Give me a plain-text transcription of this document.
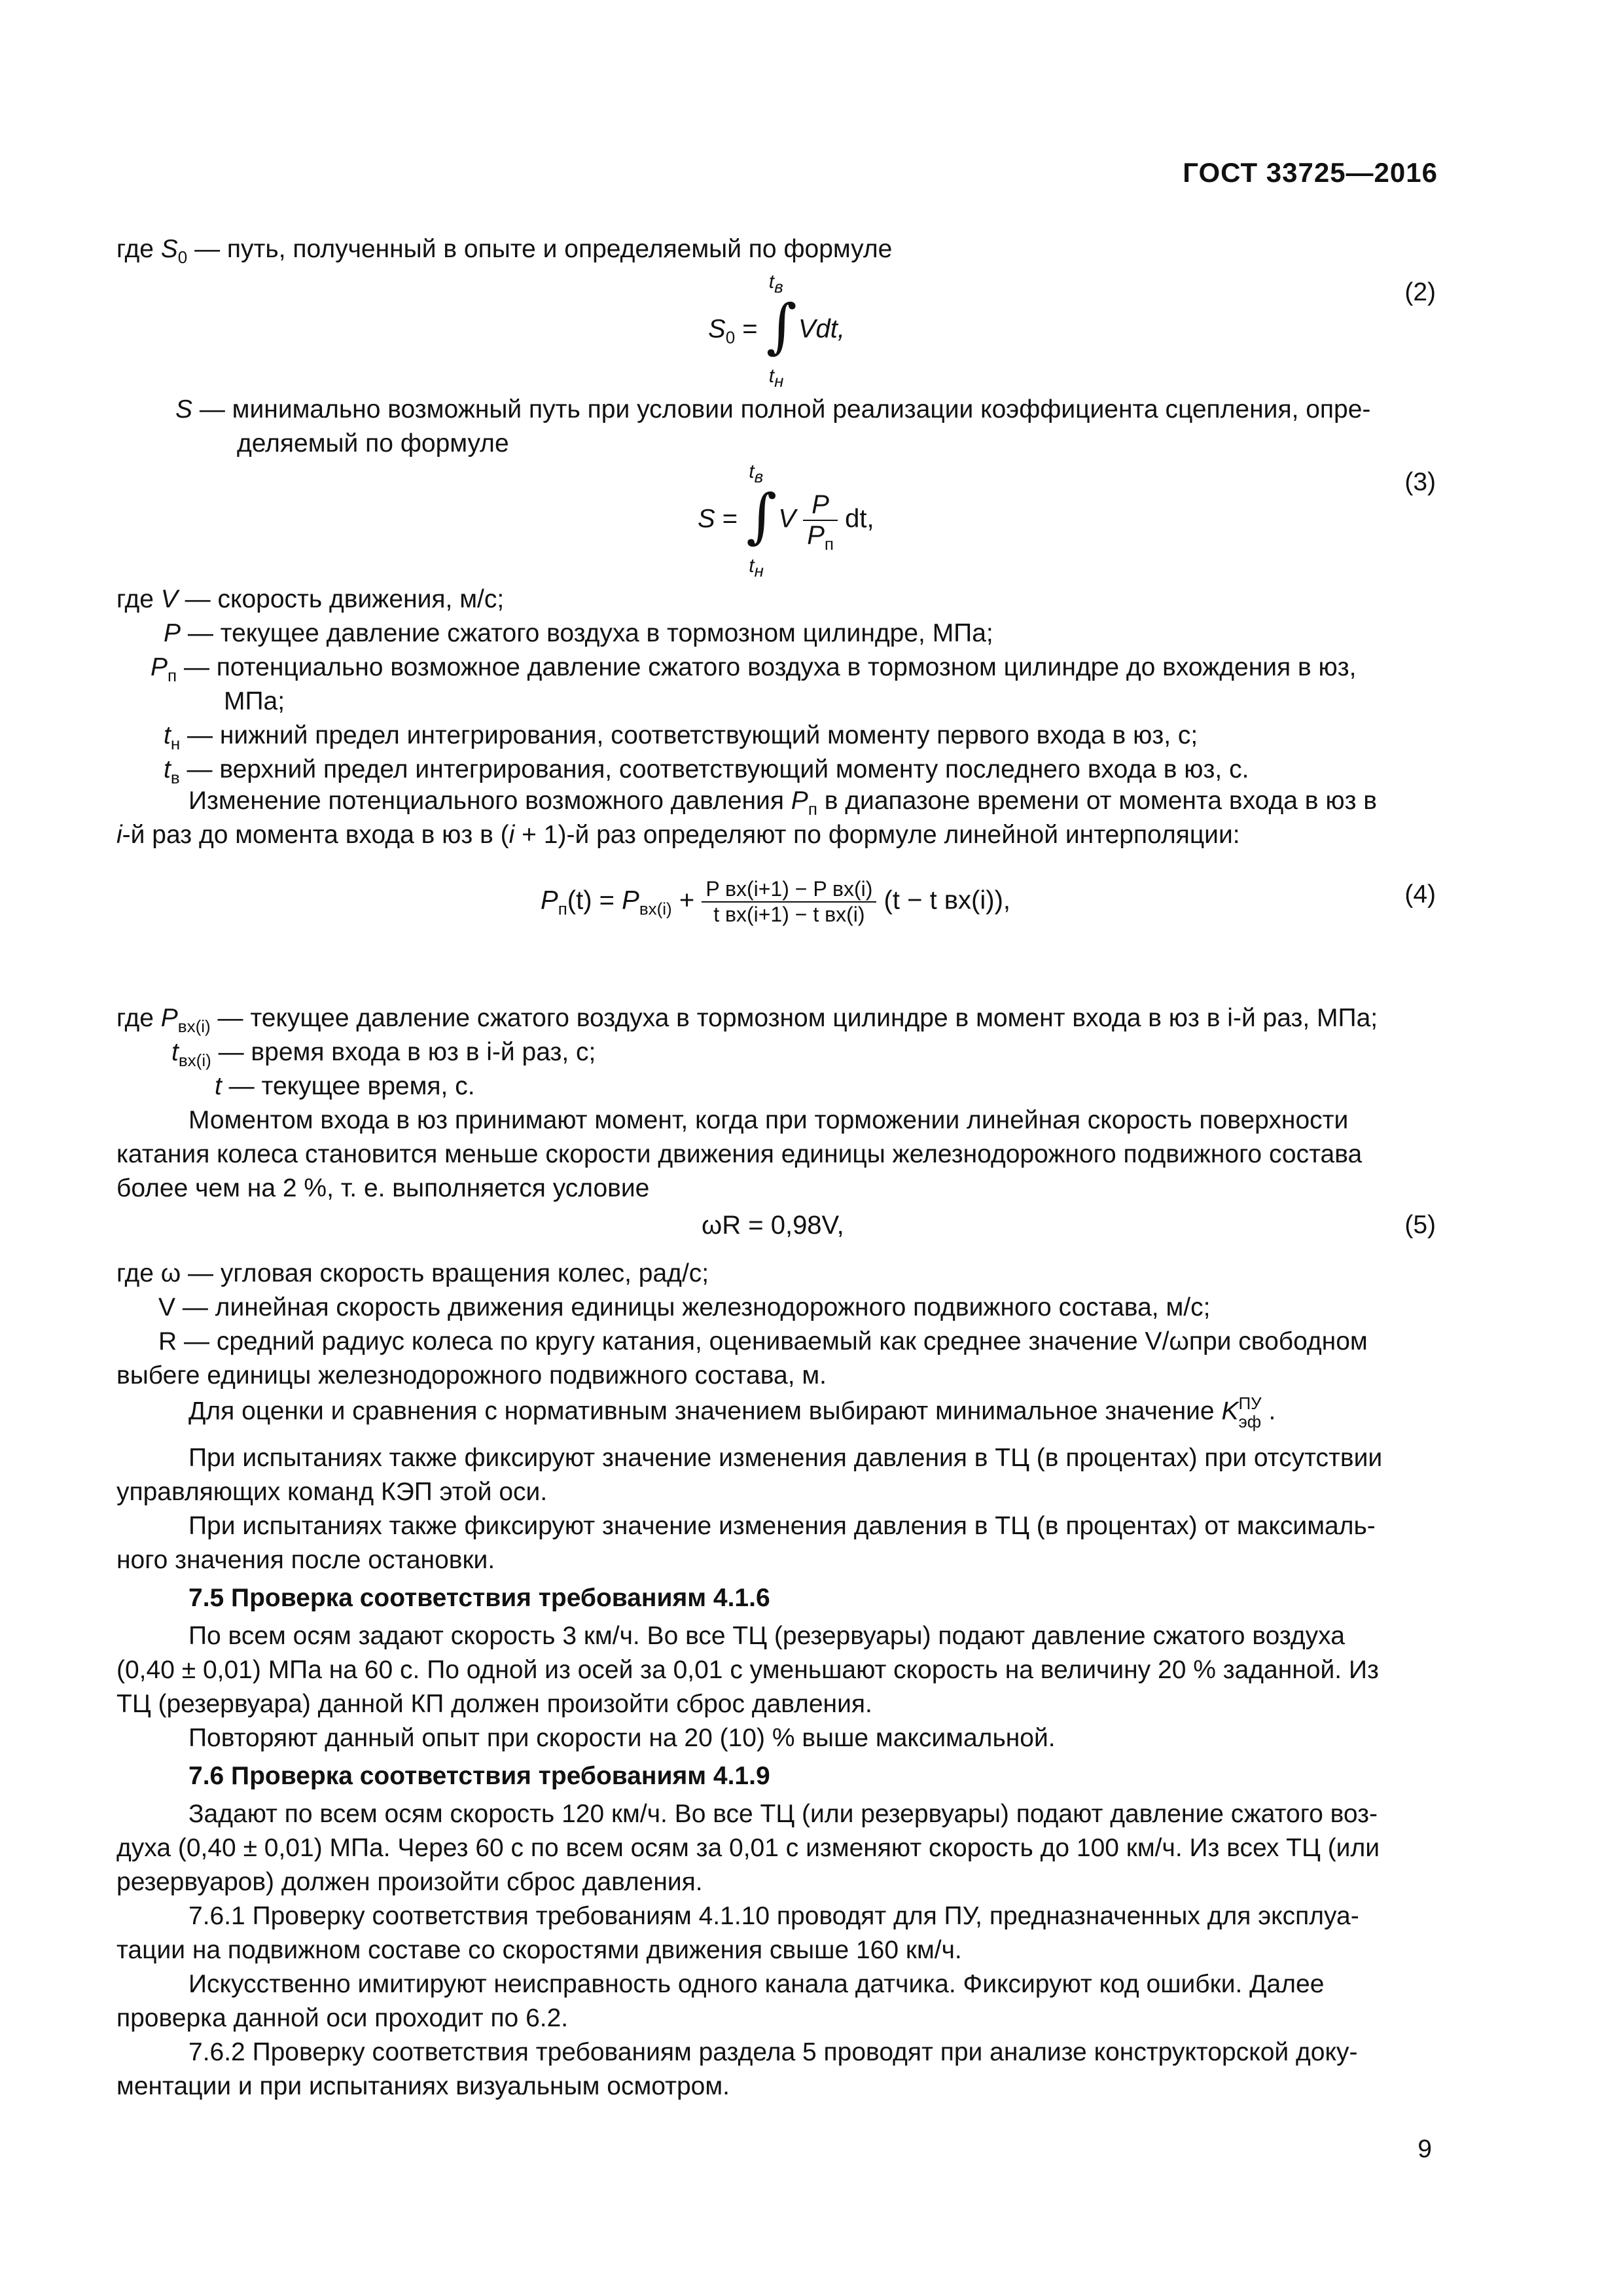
ГОСТ 33725—2016
где $S_0$ — путь, полученный в опыте и определяемый по формуле
$S_0$ =
$t_в$
∫
$t_н$
Vdt,
(2)
S — минимально возможный путь при условии полной реализации коэффициента сцепления, опре-
деляемый по формуле
S =
$t_в$
∫
$t_н$
V $\frac{P}{P_п}$ dt,
(3)
где V — скорость движения, м/с;
P — текущее давление сжатого воздуха в тормозном цилиндре, МПа;
$P_п$ — потенциально возможное давление сжатого воздуха в тормозном цилиндре до вхождения в юз,
МПа;
$t_н$ — нижний предел интегрирования, соответствующий моменту первого входа в юз, с;
$t_в$ — верхний предел интегрирования, соответствующий моменту последнего входа в юз, с.
Изменение потенциального возможного давления $P_п$ в диапазоне времени от момента входа в юз в
i-й раз до момента входа в юз в (i + 1)-й раз определяют по формуле линейной интерполяции:
$P_п(t) = P_{вх(i)} + \frac{\text{P вх(i+1) − P вх(i)}}{\text{t вх(i+1) − t вх(i)}} (t - t$ вх(i)),	(4)
где $P_{вх(i)}$ — текущее давление сжатого воздуха в тормозном цилиндре в момент входа в юз в i-й раз, МПа;
$t_{вх(i)}$ — время входа в юз в i-й раз, с;
t — текущее время, с.
Моментом входа в юз принимают момент, когда при торможении линейная скорость поверхности
катания колеса становится меньше скорости движения единицы железнодорожного подвижного состава
более чем на 2 %, т. е. выполняется условие
ωR = 0,98V,	(5)
где ω — угловая скорость вращения колес, рад/с;
V — линейная скорость движения единицы железнодорожного подвижного состава, м/с;
R — средний радиус колеса по кругу катания, оцениваемый как среднее значение V/ωпри свободном
выбеге единицы железнодорожного подвижного состава, м.
Для оценки и сравнения с нормативным значением выбирают минимальное значение K ПУ
эф .
При испытаниях также фиксируют значение изменения давления в ТЦ (в процентах) при отсутствии
управляющих команд КЭП этой оси.
При испытаниях также фиксируют значение изменения давления в ТЦ (в процентах) от максималь-
ного значения после остановки.
7.5 Проверка соответствия требованиям 4.1.6
По всем осям задают скорость 3 км/ч. Во все ТЦ (резервуары) подают давление сжатого воздуха
(0,40 ± 0,01) МПа на 60 с. По одной из осей за 0,01 с уменьшают скорость на величину 20 % заданной. Из
ТЦ (резервуара) данной КП должен произойти сброс давления.
Повторяют данный опыт при скорости на 20 (10) % выше максимальной.
7.6 Проверка соответствия требованиям 4.1.9
Задают по всем осям скорость 120 км/ч. Во все ТЦ (или резервуары) подают давление сжатого воз-
духа (0,40 ± 0,01) МПа. Через 60 с по всем осям за 0,01 с изменяют скорость до 100 км/ч. Из всех ТЦ (или
резервуаров) должен произойти сброс давления.
7.6.1 Проверку соответствия требованиям 4.1.10 проводят для ПУ, предназначенных для эксплуа-
тации на подвижном составе со скоростями движения свыше 160 км/ч.
Искусственно имитируют неисправность одного канала датчика. Фиксируют код ошибки. Далее
проверка данной оси проходит по 6.2.
7.6.2 Проверку соответствия требованиям раздела 5 проводят при анализе конструкторской доку-
ментации и при испытаниях визуальным осмотром.
9
